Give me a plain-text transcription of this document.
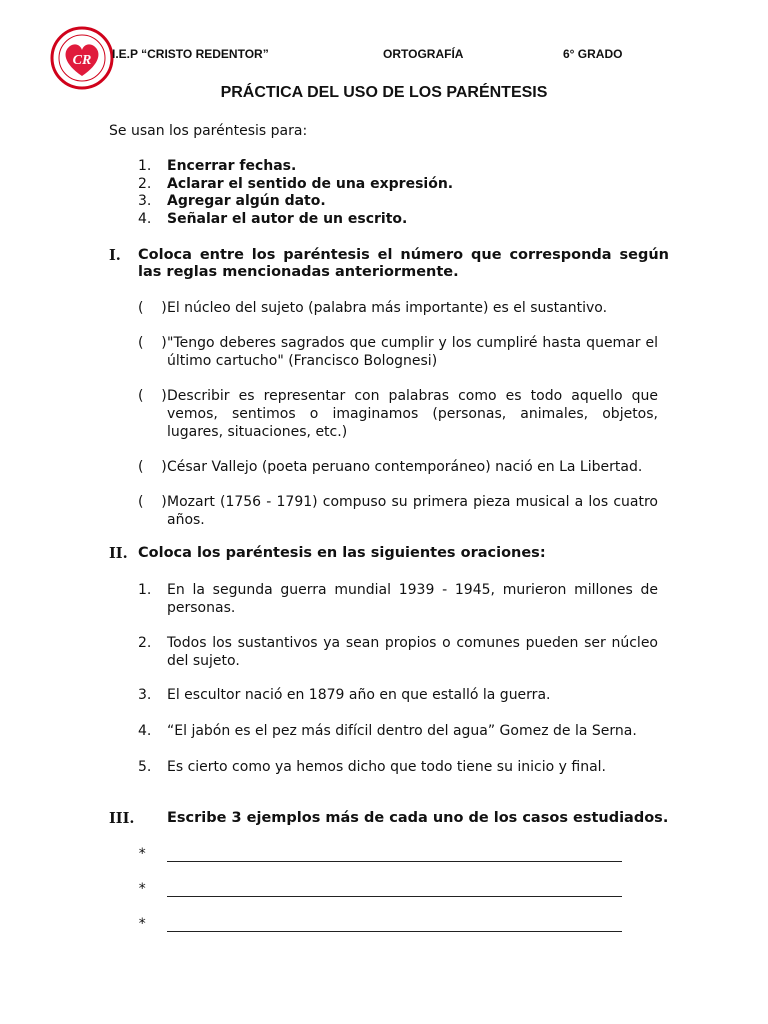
CR I.E.P “CRISTO REDENTOR”	ORTOGRAFÍA	6° GRADO
PRÁCTICA DEL USO DE LOS PARÉNTESIS
Se usan los paréntesis para:
1.	Encerrar fechas.
2.	Aclarar el sentido de una expresión.
3.	Agregar algún dato.
4.	Señalar el autor de un escrito.
I.	Coloca entre los paréntesis el número que corresponda según las reglas mencionadas anteriormente.
(    ) El núcleo del sujeto (palabra más importante) es el sustantivo.
(    ) "Tengo deberes sagrados que cumplir y los cumpliré hasta quemar el último cartucho" (Francisco Bolognesi)
(    ) Describir es representar con palabras como es todo aquello que vemos, sentimos o imaginamos (personas, animales, objetos, lugares, situaciones, etc.)
(    ) César Vallejo (poeta peruano contemporáneo) nació en La Libertad.
(    ) Mozart (1756 - 1791) compuso su primera pieza musical a los cuatro años.
II. Coloca los paréntesis en las siguientes oraciones:
1.	En la segunda guerra mundial 1939 - 1945, murieron millones de personas.
2.	Todos los sustantivos ya sean propios o comunes pueden ser núcleo del sujeto.
3.	El escultor nació en 1879 año en que estalló la guerra.
4.	“El jabón es el pez más difícil dentro del agua” Gomez de la Serna.
5.	Es cierto como ya hemos dicho que todo tiene su inicio y final.
III.	Escribe 3 ejemplos más de cada uno de los casos estudiados.
*
*
*
